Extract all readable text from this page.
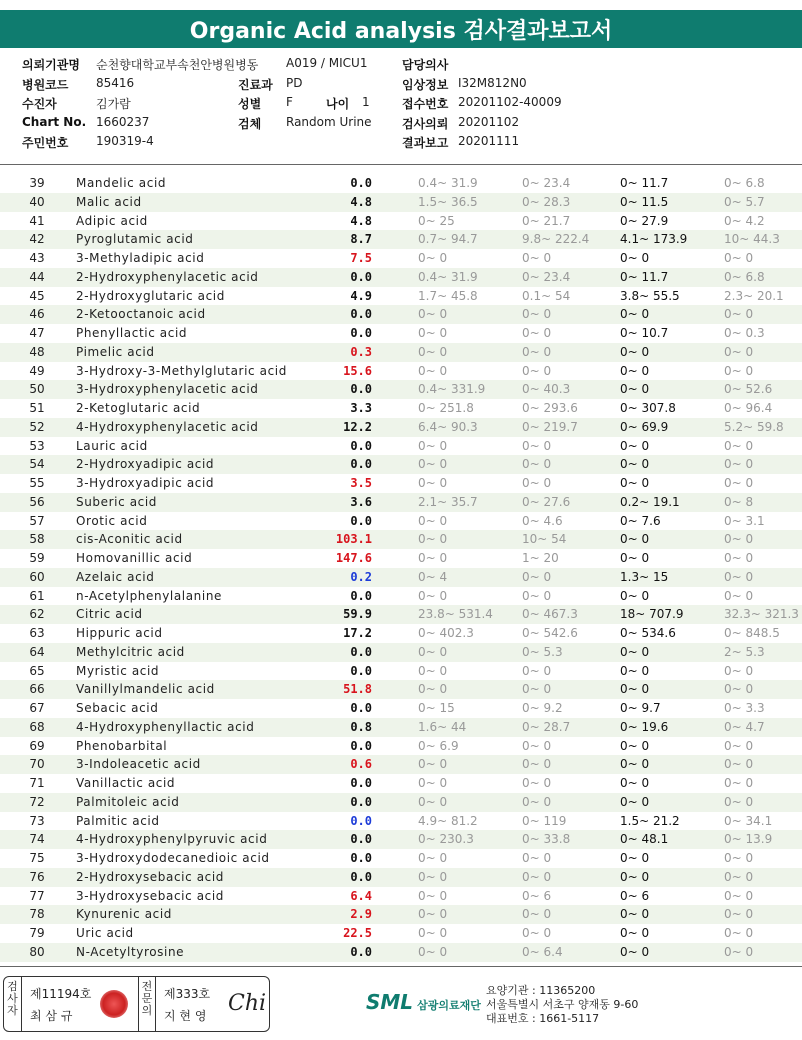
Organic Acid analysis 검사결과보고서
의뢰기관명 순천향대학교부속천안병원병동
병원코드 85416
수진자	김가람
Chart No. 1660237
주민번호 190319-4
A019 / MICU1
진료과 PD
성별 F	나이 1
검체 Random Urine
담당의사
임상정보 I32M812N0
접수번호 20201102-40009
검사의뢰 20201102
결과보고 20201111
39	Mandelic acid	0.0	0.4~ 31.9	0~ 23.4	0~ 11.7	0~ 6.8
40	Malic acid	4.8	1.5~ 36.5	0~ 28.3	0~ 11.5	0~ 5.7
41	Adipic acid	4.8	0~ 25	0~ 21.7	0~ 27.9	0~ 4.2
42	Pyroglutamic acid	8.7	0.7~ 94.7	9.8~ 222.4	4.1~ 173.9	10~ 44.3
43	3-Methyladipic acid	7.5	0~ 0	0~ 0	0~ 0	0~ 0
44	2-Hydroxyphenylacetic acid	0.0	0.4~ 31.9	0~ 23.4	0~ 11.7	0~ 6.8
45	2-Hydroxyglutaric acid	4.9	1.7~ 45.8	0.1~ 54	3.8~ 55.5	2.3~ 20.1
46	2-Ketooctanoic acid	0.0	0~ 0	0~ 0	0~ 0	0~ 0
47	Phenyllactic acid	0.0	0~ 0	0~ 0	0~ 10.7	0~ 0.3
48	Pimelic acid	0.3	0~ 0	0~ 0	0~ 0	0~ 0
49	3-Hydroxy-3-Methylglutaric acid	15.6	0~ 0	0~ 0	0~ 0	0~ 0
50	3-Hydroxyphenylacetic acid	0.0	0.4~ 331.9	0~ 40.3	0~ 0	0~ 52.6
51	2-Ketoglutaric acid	3.3	0~ 251.8	0~ 293.6	0~ 307.8	0~ 96.4
52	4-Hydroxyphenylacetic acid	12.2	6.4~ 90.3	0~ 219.7	0~ 69.9	5.2~ 59.8
53	Lauric acid	0.0	0~ 0	0~ 0	0~ 0	0~ 0
54	2-Hydroxyadipic acid	0.0	0~ 0	0~ 0	0~ 0	0~ 0
55	3-Hydroxyadipic acid	3.5	0~ 0	0~ 0	0~ 0	0~ 0
56	Suberic acid	3.6	2.1~ 35.7	0~ 27.6	0.2~ 19.1	0~ 8
57	Orotic acid	0.0	0~ 0	0~ 4.6	0~ 7.6	0~ 3.1
58	cis-Aconitic acid	103.1	0~ 0	10~ 54	0~ 0	0~ 0
59	Homovanillic acid	147.6	0~ 0	1~ 20	0~ 0	0~ 0
60	Azelaic acid	0.2	0~ 4	0~ 0	1.3~ 15	0~ 0
61	n-Acetylphenylalanine	0.0	0~ 0	0~ 0	0~ 0	0~ 0
62	Citric acid	59.9	23.8~ 531.4	0~ 467.3	18~ 707.9	32.3~ 321.3
63	Hippuric acid	17.2	0~ 402.3	0~ 542.6	0~ 534.6	0~ 848.5
64	Methylcitric acid	0.0	0~ 0	0~ 5.3	0~ 0	2~ 5.3
65	Myristic acid	0.0	0~ 0	0~ 0	0~ 0	0~ 0
66	Vanillylmandelic acid	51.8	0~ 0	0~ 0	0~ 0	0~ 0
67	Sebacic acid	0.0	0~ 15	0~ 9.2	0~ 9.7	0~ 3.3
68	4-Hydroxyphenyllactic acid	0.8	1.6~ 44	0~ 28.7	0~ 19.6	0~ 4.7
69	Phenobarbital	0.0	0~ 6.9	0~ 0	0~ 0	0~ 0
70	3-Indoleacetic acid	0.6	0~ 0	0~ 0	0~ 0	0~ 0
71	Vanillactic acid	0.0	0~ 0	0~ 0	0~ 0	0~ 0
72	Palmitoleic acid	0.0	0~ 0	0~ 0	0~ 0	0~ 0
73	Palmitic acid	0.0	4.9~ 81.2	0~ 119	1.5~ 21.2	0~ 34.1
74	4-Hydroxyphenylpyruvic acid	0.0	0~ 230.3	0~ 33.8	0~ 48.1	0~ 13.9
75	3-Hydroxydodecanedioic acid	0.0	0~ 0	0~ 0	0~ 0	0~ 0
76	2-Hydroxysebacic acid	0.0	0~ 0	0~ 0	0~ 0	0~ 0
77	3-Hydroxysebacic acid	6.4	0~ 0	0~ 6	0~ 6	0~ 0
78	Kynurenic acid	2.9	0~ 0	0~ 0	0~ 0	0~ 0
79	Uric acid	22.5	0~ 0	0~ 0	0~ 0	0~ 0
80	N-Acetyltyrosine	0.0	0~ 0	0~ 6.4	0~ 0	0~ 0
검
사
자
제11194호
최 삼 규
전
문
의
제333호
지 현 영 Chi	SML 삼광의료재단
요양기관 : 11365200
서울특별시 서초구 양재동 9-60
대표번호 : 1661-5117
